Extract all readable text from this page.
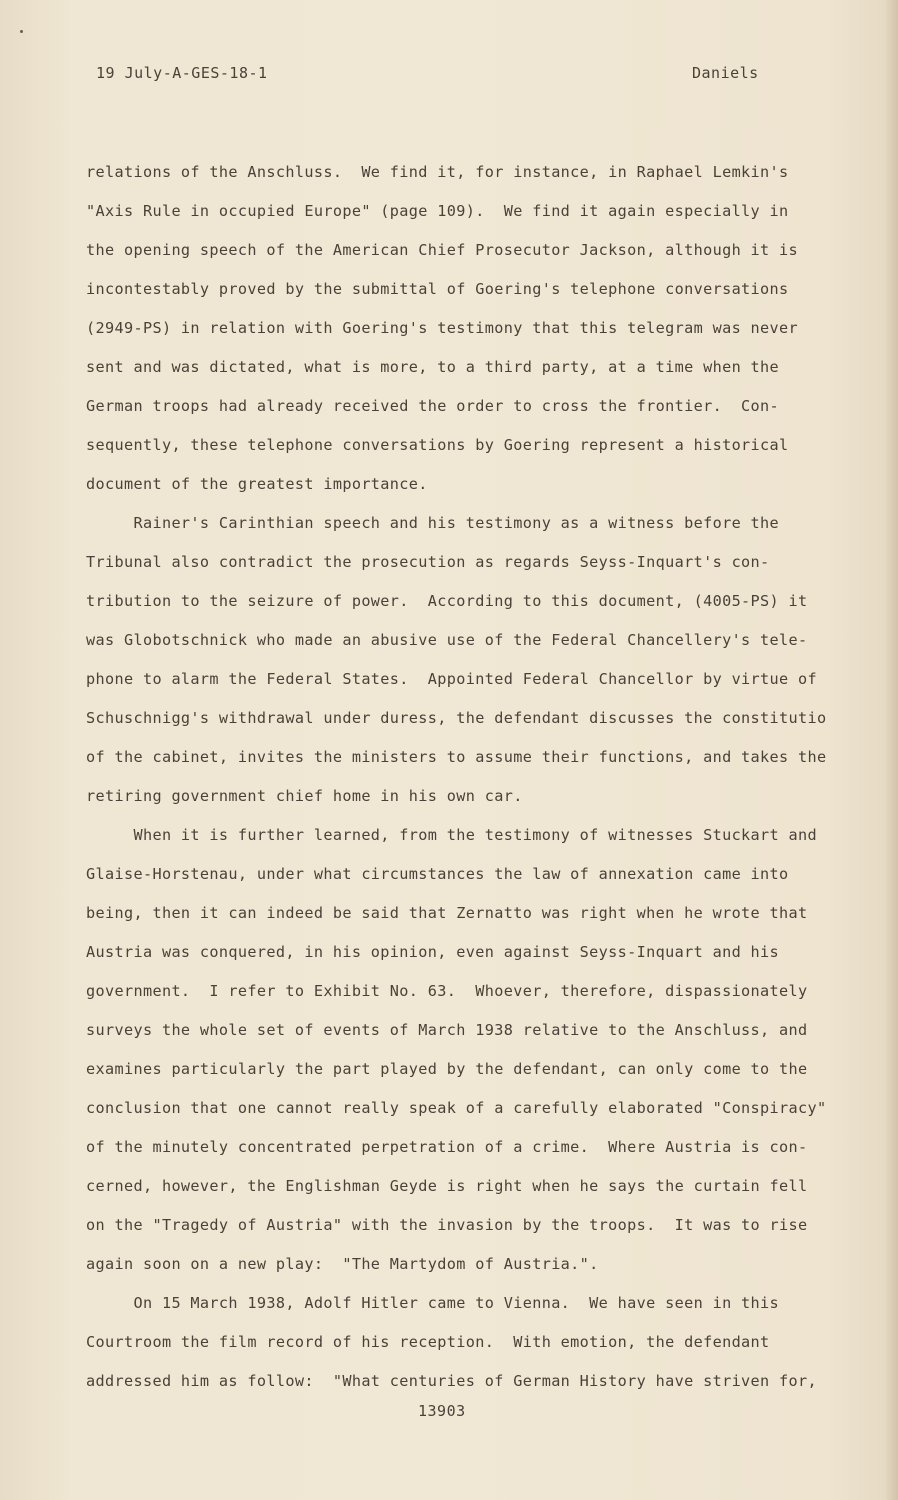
19 July-A-GES-18-1	Daniels
relations of the Anschluss.  We find it, for instance, in Raphael Lemkin's
"Axis Rule in occupied Europe" (page 109).  We find it again especially in
the opening speech of the American Chief Prosecutor Jackson, although it is
incontestably proved by the submittal of Goering's telephone conversations
(2949-PS) in relation with Goering's testimony that this telegram was never
sent and was dictated, what is more, to a third party, at a time when the
German troops had already received the order to cross the frontier.  Con-
sequently, these telephone conversations by Goering represent a historical
document of the greatest importance.
Rainer's Carinthian speech and his testimony as a witness before the
Tribunal also contradict the prosecution as regards Seyss-Inquart's con-
tribution to the seizure of power.  According to this document, (4005-PS) it
was Globotschnick who made an abusive use of the Federal Chancellery's tele-
phone to alarm the Federal States.  Appointed Federal Chancellor by virtue of
Schuschnigg's withdrawal under duress, the defendant discusses the constitutio
of the cabinet, invites the ministers to assume their functions, and takes the
retiring government chief home in his own car.
When it is further learned, from the testimony of witnesses Stuckart and
Glaise-Horstenau, under what circumstances the law of annexation came into
being, then it can indeed be said that Zernatto was right when he wrote that
Austria was conquered, in his opinion, even against Seyss-Inquart and his
government.  I refer to Exhibit No. 63.  Whoever, therefore, dispassionately
surveys the whole set of events of March 1938 relative to the Anschluss, and
examines particularly the part played by the defendant, can only come to the
conclusion that one cannot really speak of a carefully elaborated "Conspiracy"
of the minutely concentrated perpetration of a crime.  Where Austria is con-
cerned, however, the Englishman Geyde is right when he says the curtain fell
on the "Tragedy of Austria" with the invasion by the troops.  It was to rise
again soon on a new play:  "The Martydom of Austria.".
On 15 March 1938, Adolf Hitler came to Vienna.  We have seen in this
Courtroom the film record of his reception.  With emotion, the defendant
addressed him as follow:  "What centuries of German History have striven for,
13903
